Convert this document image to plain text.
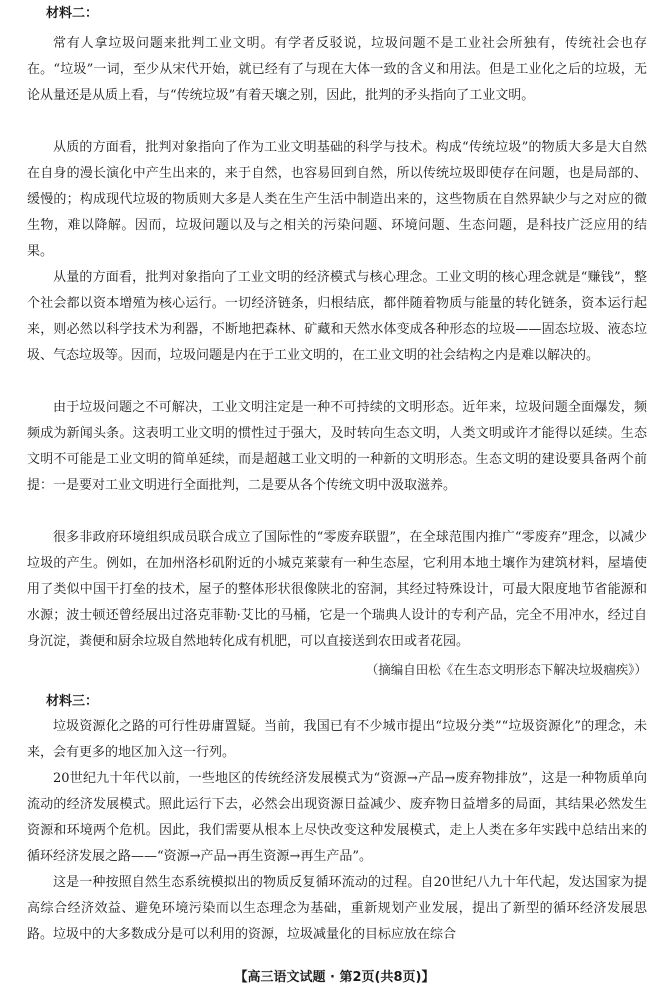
材料二：

常有人拿垃圾问题来批判工业文明。有学者反驳说，垃圾问题不是工业社会所独有，传统社会也存在。“垃圾”一词，至少从宋代开始，就已经有了与现在大体一致的含义和用法。但是工业化之后的垃圾，无论从量还是从质上看，与“传统垃圾”有着天壤之别，因此，批判的矛头指向了工业文明。

从质的方面看，批判对象指向了作为工业文明基础的科学与技术。构成“传统垃圾”的物质大多是大自然在自身的漫长演化中产生出来的，来于自然，也容易回到自然，所以传统垃圾即使存在问题，也是局部的、缓慢的；构成现代垃圾的物质则大多是人类在生产生活中制造出来的，这些物质在自然界缺少与之对应的微生物，难以降解。因而，垃圾问题以及与之相关的污染问题、环境问题、生态问题，是科技广泛应用的结果。

从量的方面看，批判对象指向了工业文明的经济模式与核心理念。工业文明的核心理念就是“赚钱”，整个社会都以资本增殖为核心运行。一切经济链条，归根结底，都伴随着物质与能量的转化链条，资本运行起来，则必然以科学技术为利器，不断地把森林、矿藏和天然水体变成各种形态的垃圾——固态垃圾、液态垃圾、气态垃圾等。因而，垃圾问题是内在于工业文明的，在工业文明的社会结构之内是难以解决的。

由于垃圾问题之不可解决，工业文明注定是一种不可持续的文明形态。近年来，垃圾问题全面爆发，频频成为新闻头条。这表明工业文明的惯性过于强大，及时转向生态文明，人类文明或许才能得以延续。生态文明不可能是工业文明的简单延续，而是超越工业文明的一种新的文明形态。生态文明的建设要具备两个前提：一是要对工业文明进行全面批判，二是要从各个传统文明中汲取滋养。

很多非政府环境组织成员联合成立了国际性的“零废弃联盟”，在全球范围内推广“零废弃”理念，以减少垃圾的产生。例如，在加州洛杉矶附近的小城克莱蒙有一种生态屋，它利用本地土壤作为建筑材料，屋墙使用了类似中国干打垒的技术，屋子的整体形状很像陕北的窑洞，其经过特殊设计，可最大限度地节省能源和水源；波士顿还曾经展出过洛克菲勒·艾比的马桶，它是一个瑞典人设计的专利产品，完全不用冲水，经过自身沉淀，粪便和厨余垃圾自然地转化成有机肥，可以直接送到农田或者花园。

（摘编自田松《在生态文明形态下解决垃圾痼疾》）
材料三：

垃圾资源化之路的可行性毋庸置疑。当前，我国已有不少城市提出“垃圾分类”“垃圾资源化”的理念，未来，会有更多的地区加入这一行列。

20世纪九十年代以前，一些地区的传统经济发展模式为“资源→产品→废弃物排放”，这是一种物质单向流动的经济发展模式。照此运行下去，必然会出现资源日益减少、废弃物日益增多的局面，其结果必然发生资源和环境两个危机。因此，我们需要从根本上尽快改变这种发展模式，走上人类在多年实践中总结出来的循环经济发展之路——“资源→产品→再生资源→再生产品”。

这是一种按照自然生态系统模拟出的物质反复循环流动的过程。自20世纪八九十年代起，发达国家为提高综合经济效益、避免环境污染而以生态理念为基础，重新规划产业发展，提出了新型的循环经济发展思路。垃圾中的大多数成分是可以利用的资源，垃圾减量化的目标应放在综合

【高三语文试题 · 第2页(共8页)】
